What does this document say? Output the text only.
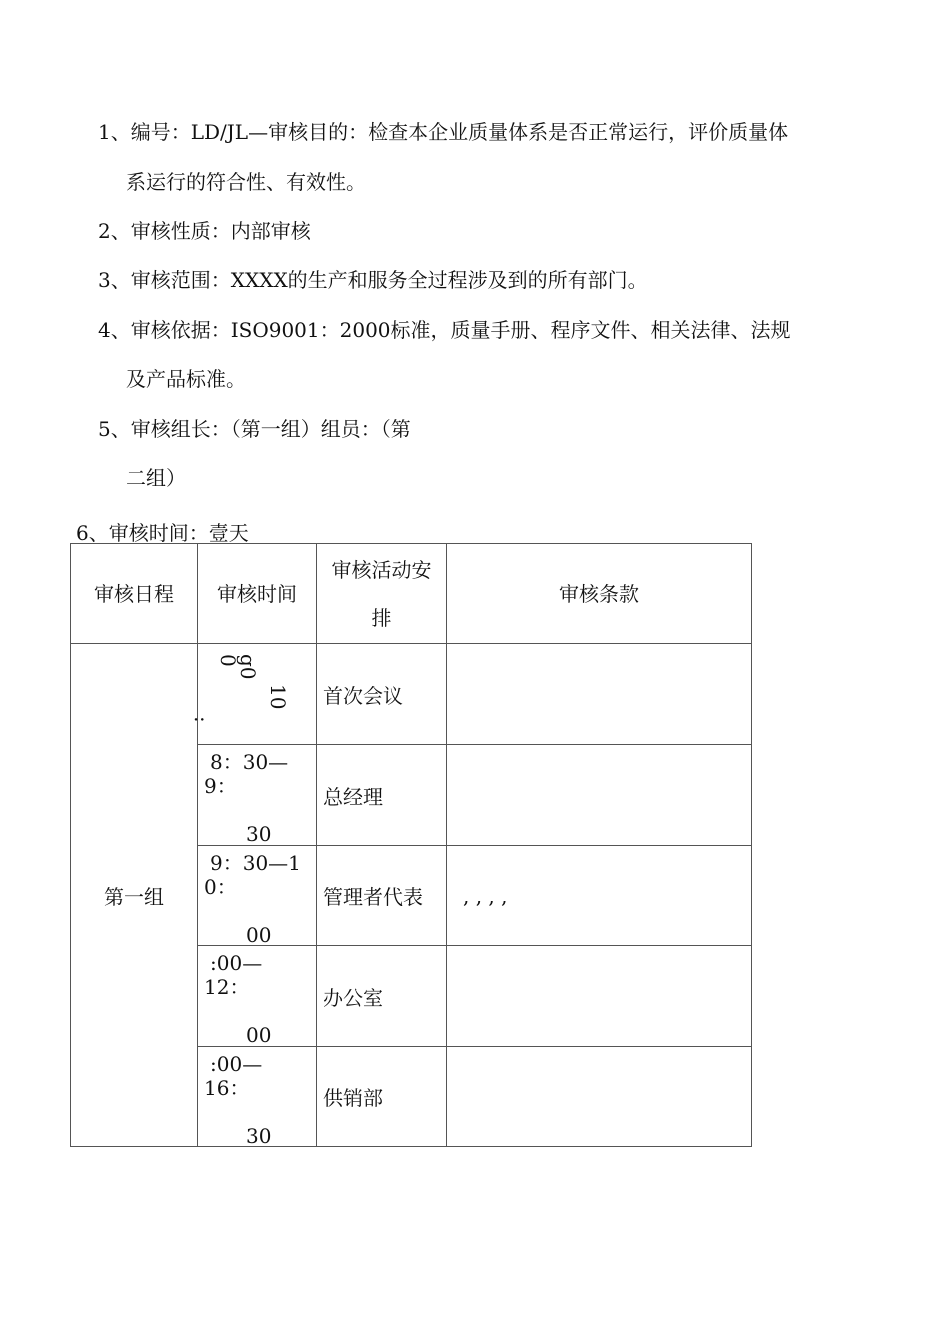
1、编号：LD/JL—审核目的：检查本企业质量体系是否正常运行，评价质量体
系运行的符合性、有效性。
2、审核性质：内部审核
3、审核范围：XXXX的生产和服务全过程涉及到的所有部门。
4、审核依据：ISO9001：2000标准，质量手册、程序文件、相关法律、法规
及产品标准。
5、审核组长：（第一组）组员：（第
二组）
6、审核时间：壹天
审核日程	审核时间	审核活动安
排	审核条款
第一组	0
g0
10
:	首次会议	

	8：30—
9：
30	总经理	

	9：30—1
0：
00	管理者代表	, , , ,

	:00—
12：
00	办公室	

	:00—
16：
30	供销部	
